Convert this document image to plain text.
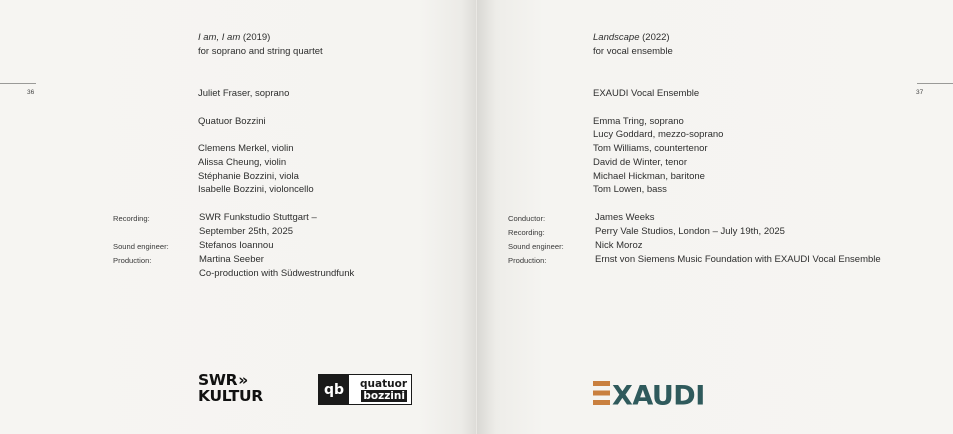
36
I am, I am (2019)
for soprano and string quartet
Juliet Fraser, soprano
Quatuor Bozzini
Clemens Merkel, violin
Alissa Cheung, violin
Stéphanie Bozzini, viola
Isabelle Bozzini, violoncello
Recording:	SWR Funkstudio Stuttgart –
September 25th, 2025
Sound engineer:	Stefanos Ioannou
Production:	Martina Seeber
Co-production with Südwestrundfunk
SWR»
KULTUR	qb	quatuor
bozzini
37
Landscape (2022)
for vocal ensemble
EXAUDI Vocal Ensemble
Emma Tring, soprano
Lucy Goddard, mezzo-soprano
Tom Williams, countertenor
David de Winter, tenor
Michael Hickman, baritone
Tom Lowen, bass
Conductor:	James Weeks
Recording:	Perry Vale Studios, London – July 19th, 2025
Sound engineer:	Nick Moroz
Production:	Ernst von Siemens Music Foundation with EXAUDI Vocal Ensemble
XAUDI
